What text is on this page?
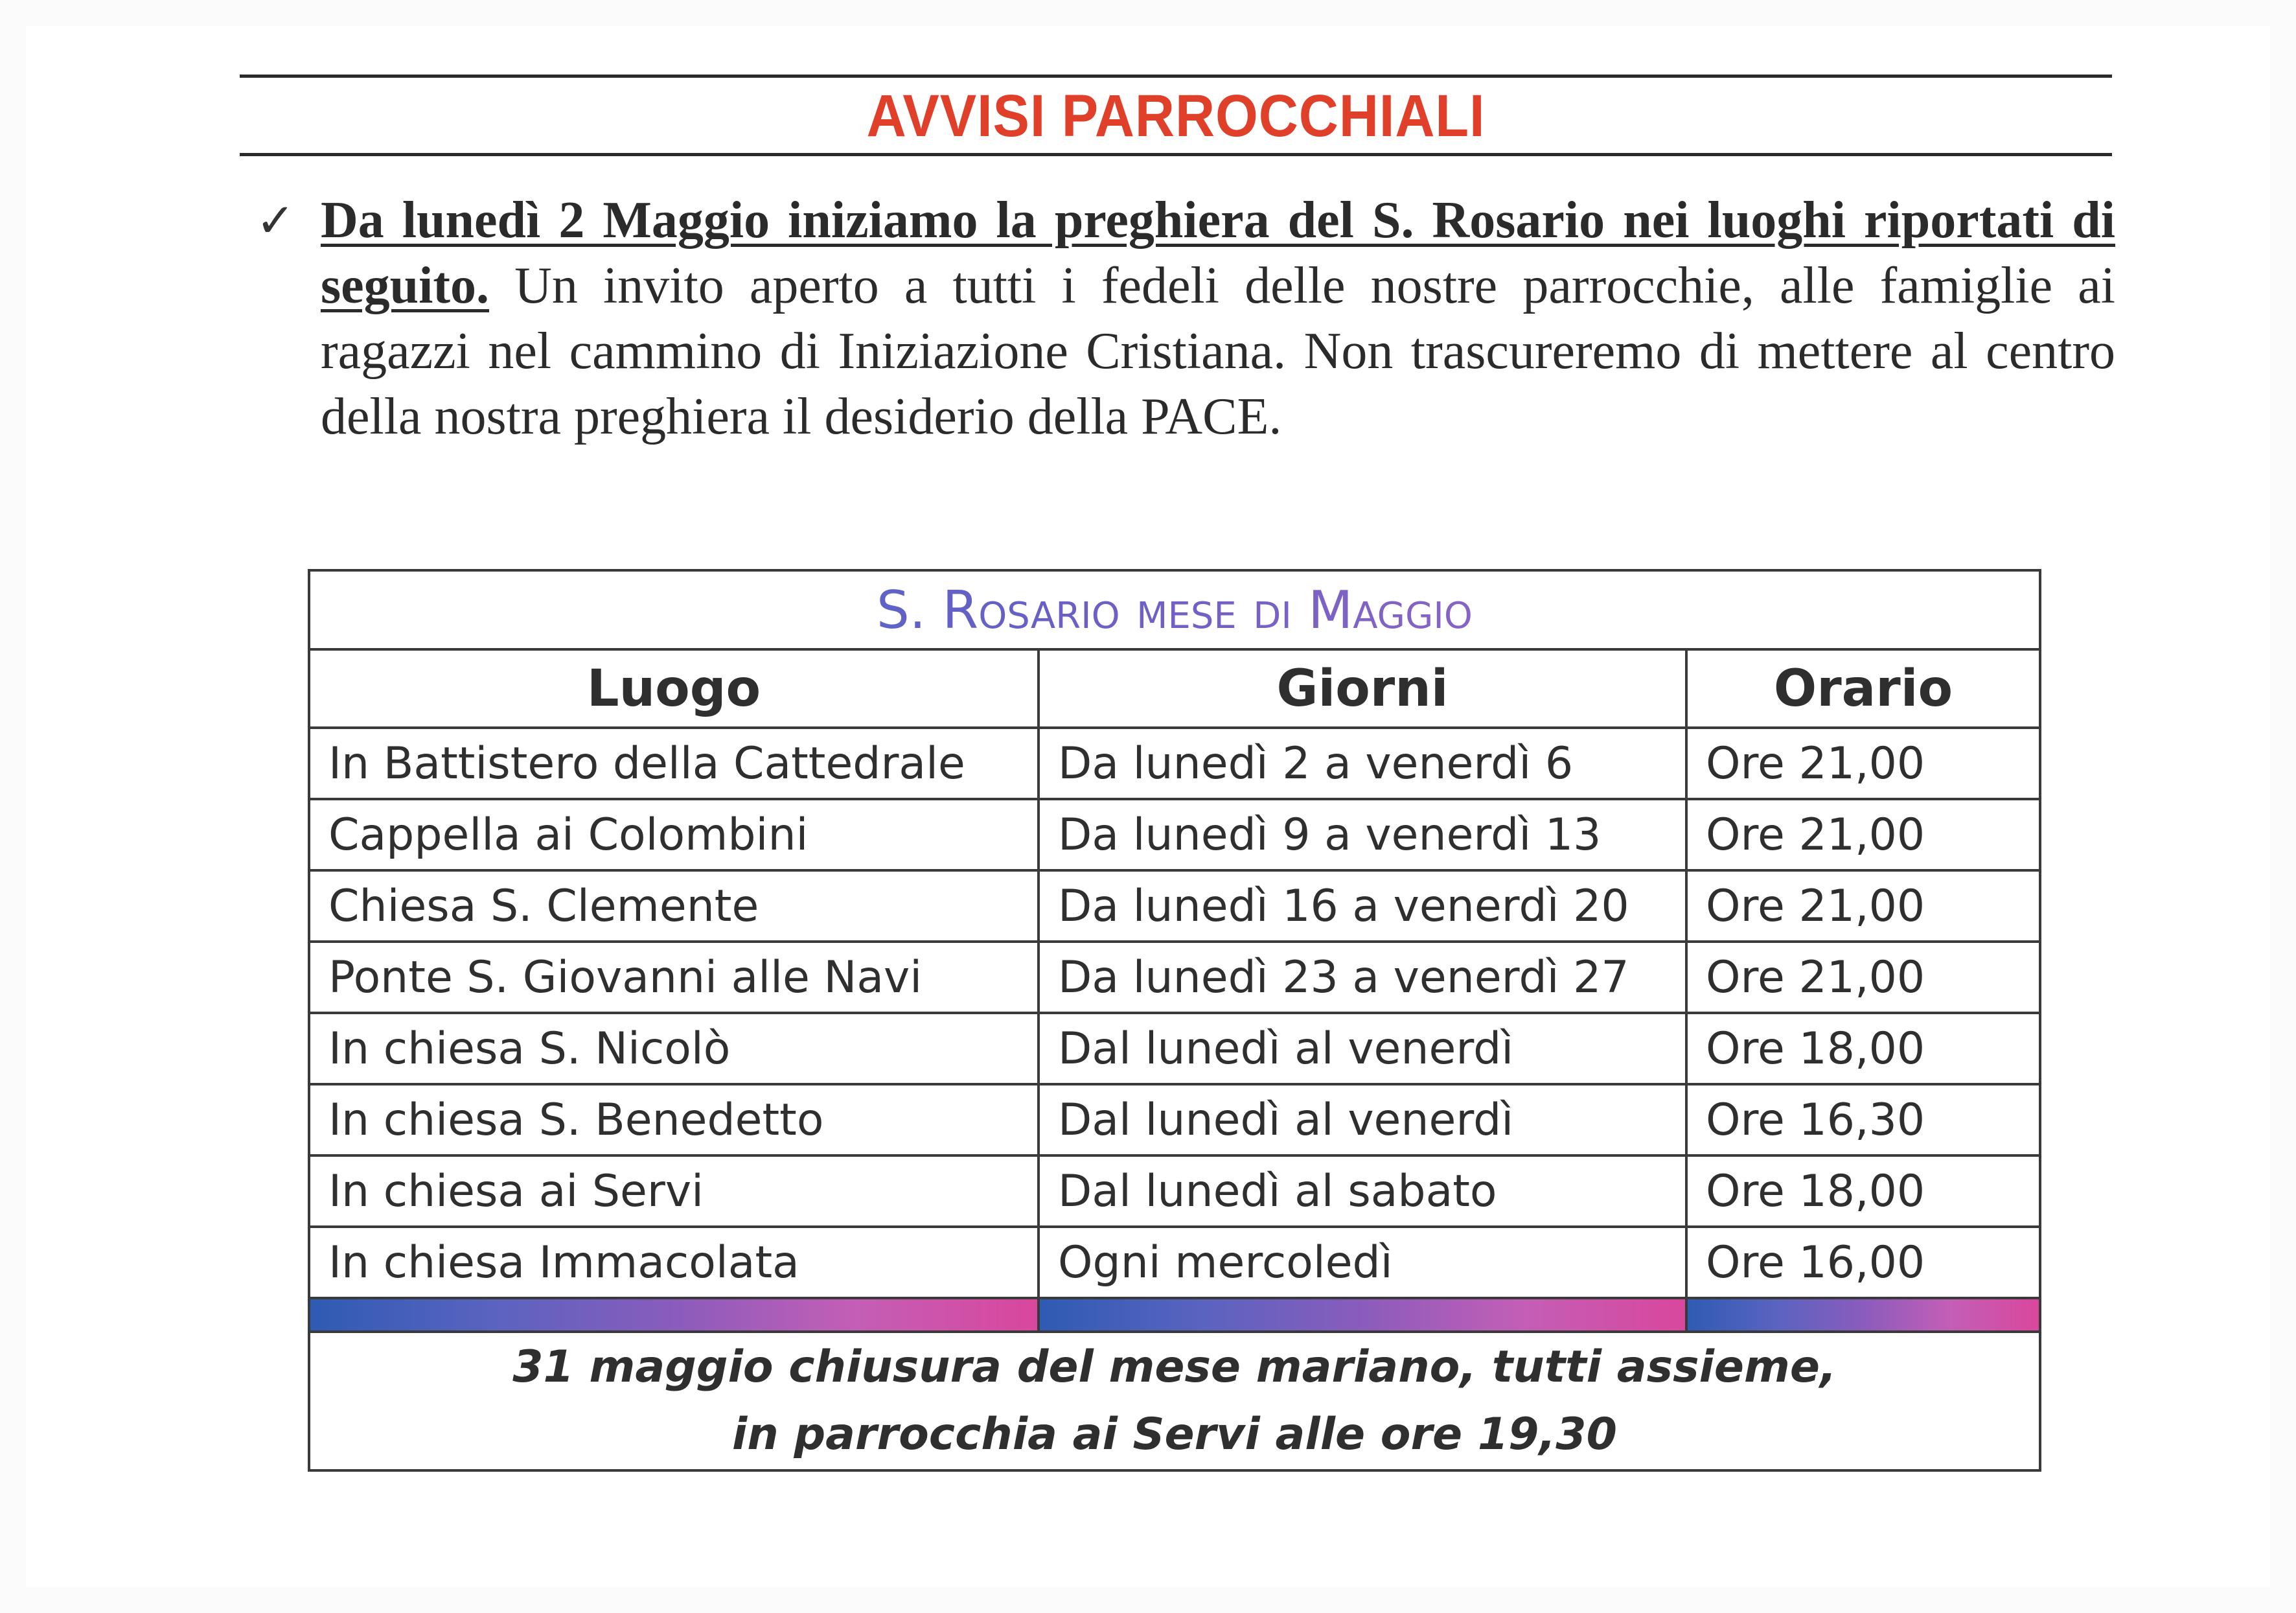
AVVISI PARROCCHIALI
✓ Da lunedì 2 Maggio iniziamo la preghiera del S. Rosario nei luoghi riportati di seguito. Un invito aperto a tutti i fedeli delle nostre parrocchie, alle famiglie ai ragazzi nel cammino di Iniziazione Cristiana. Non trascureremo di mettere al centro della nostra preghiera il desiderio della PACE.
S. Rosario mese di Maggio		
Luogo	Giorni	Orario
In Battistero della Cattedrale	Da lunedì 2 a venerdì 6	Ore 21,00
Cappella ai Colombini	Da lunedì 9 a venerdì 13	Ore 21,00
Chiesa S. Clemente	Da lunedì 16 a venerdì 20	Ore 21,00
Ponte S. Giovanni alle Navi	Da lunedì 23 a venerdì 27	Ore 21,00
In chiesa S. Nicolò	Dal lunedì al venerdì	Ore 18,00
In chiesa S. Benedetto	Dal lunedì al venerdì	Ore 16,30
In chiesa ai Servi	Dal lunedì al sabato	Ore 18,00
In chiesa Immacolata	Ogni mercoledì	Ore 16,00

31 maggio chiusura del mese mariano, tutti assieme,
in parrocchia ai Servi alle ore 19,30		
